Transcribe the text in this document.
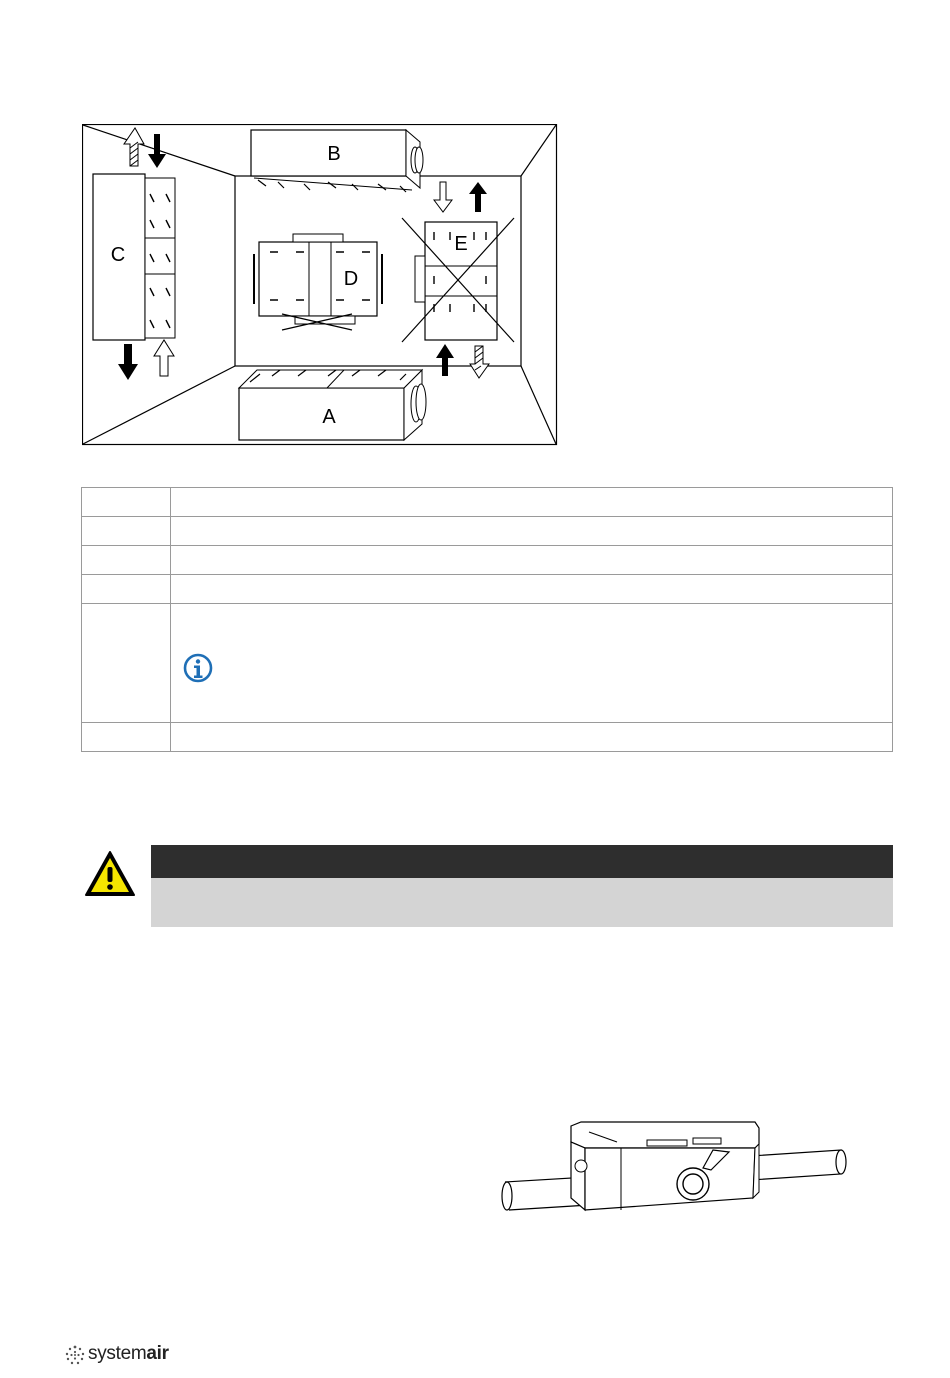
B
C
D
E
A

systemair
